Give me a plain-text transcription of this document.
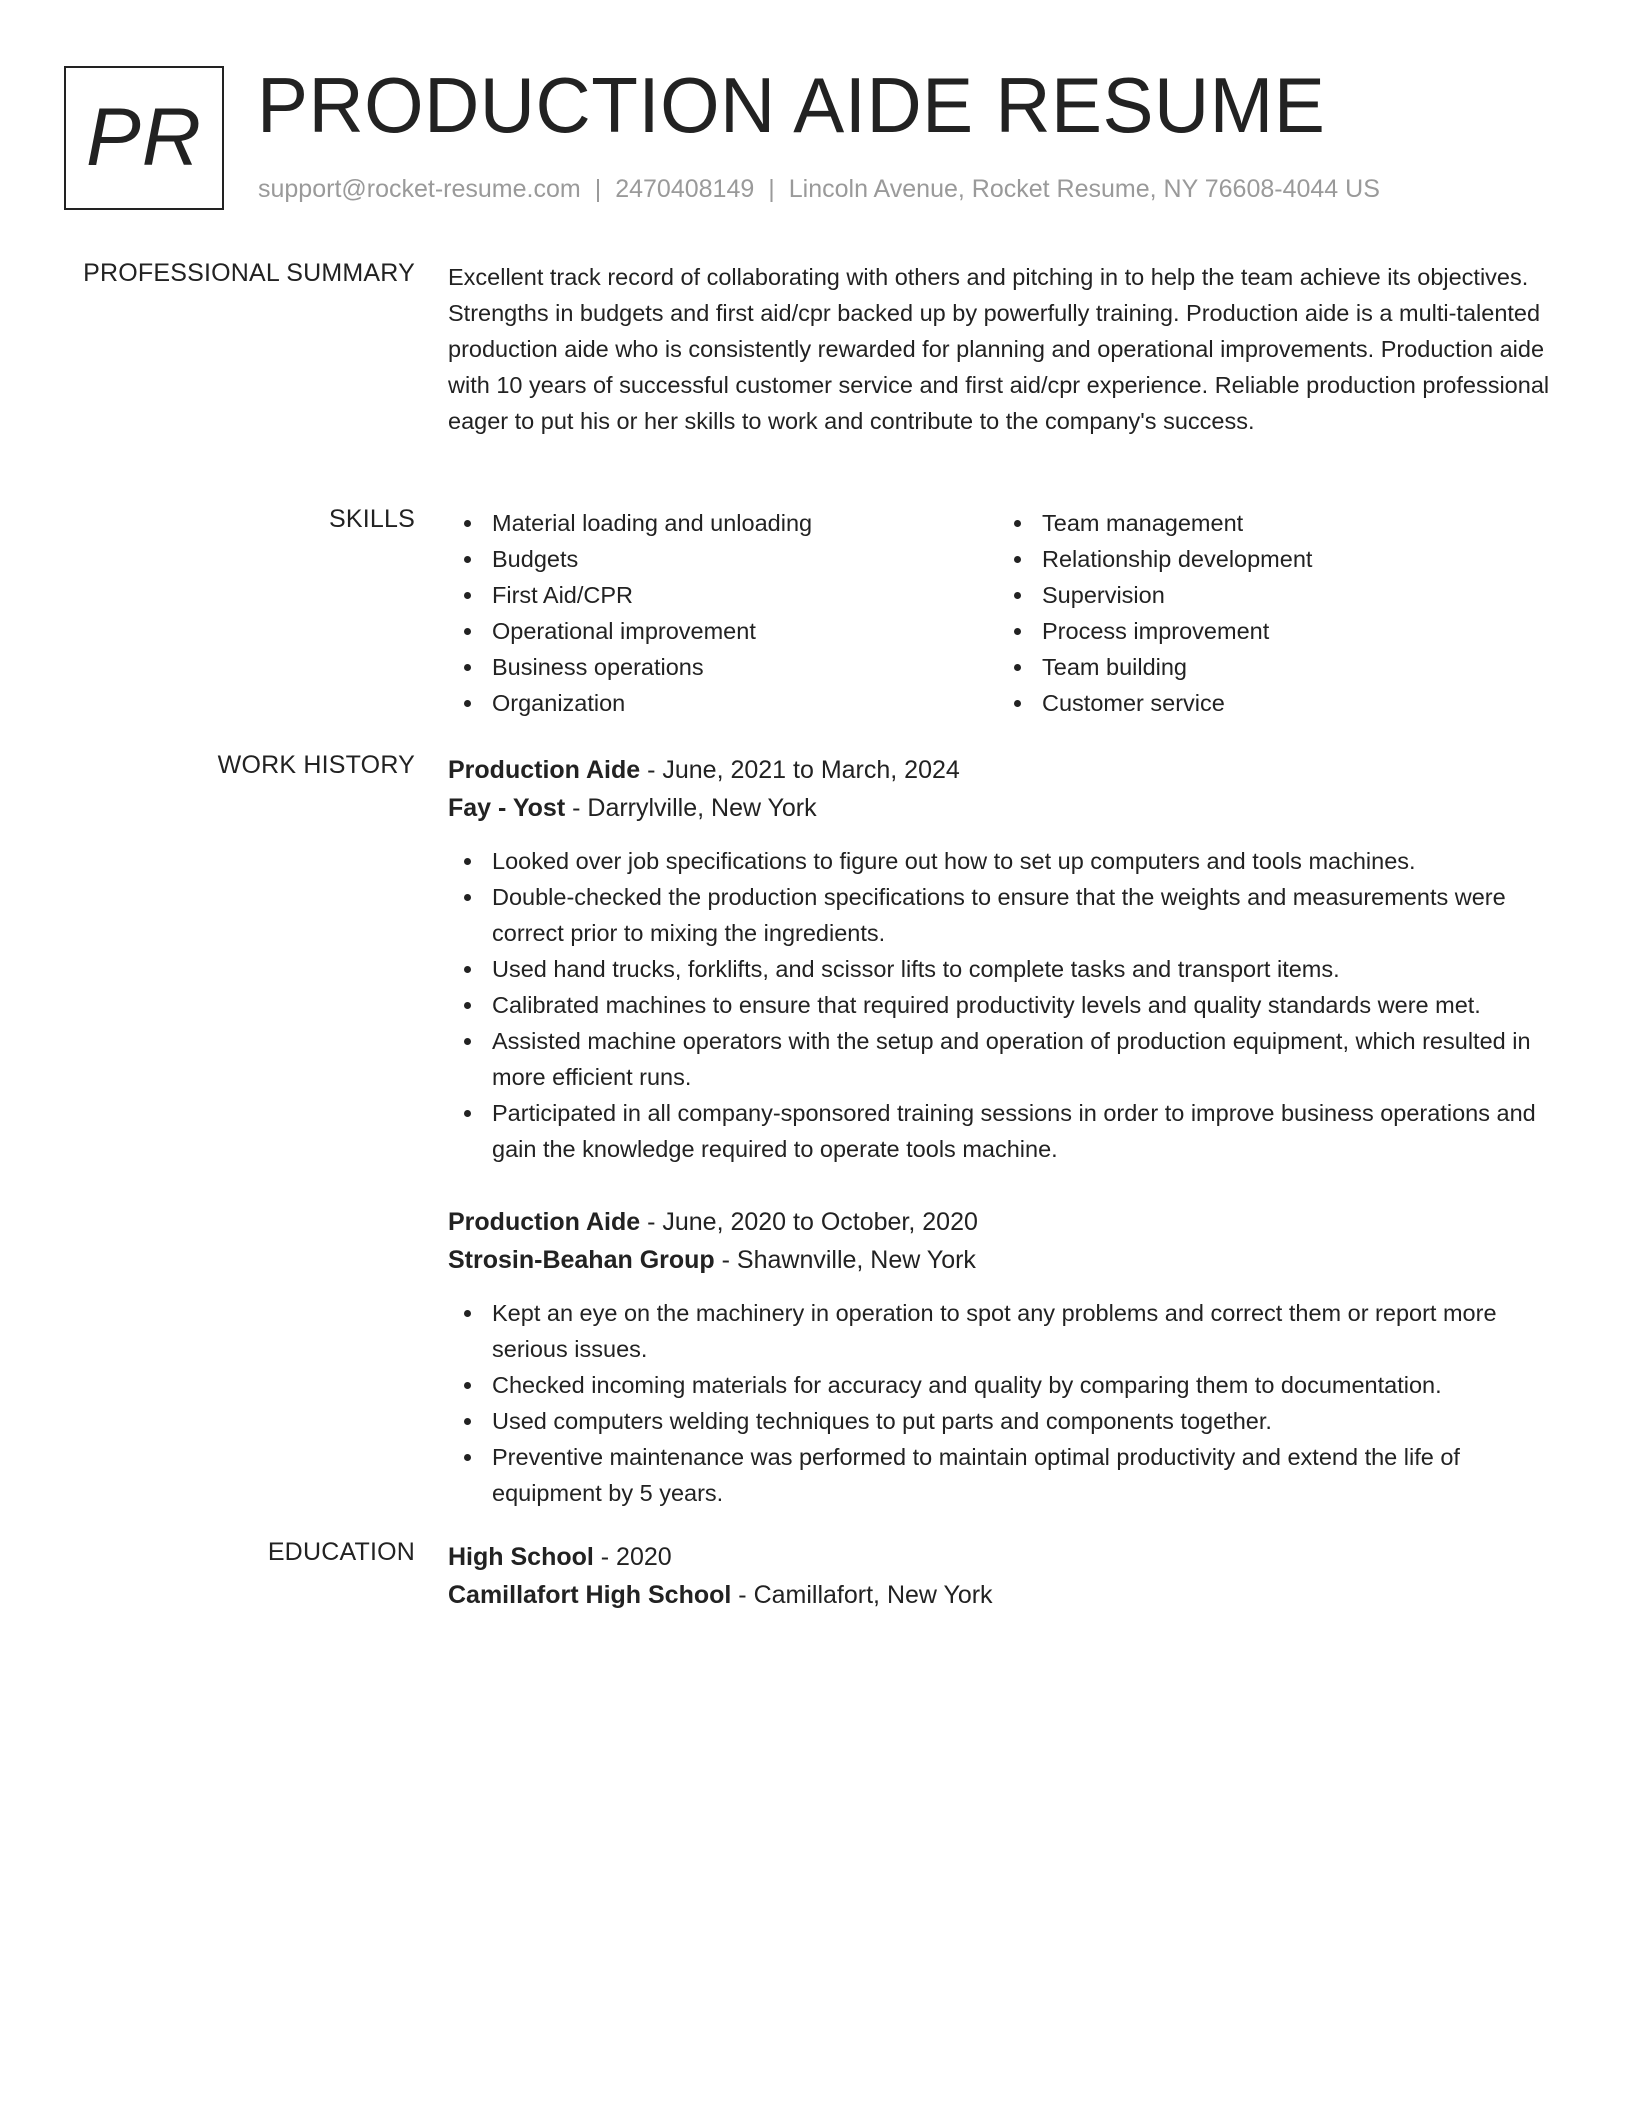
PR PRODUCTION AIDE RESUME
support@rocket-resume.com | 2470408149 | Lincoln Avenue, Rocket Resume, NY 76608-4044 US
PROFESSIONAL SUMMARY Excellent track record of collaborating with others and pitching in to help the team achieve its objectives. Strengths in budgets and first aid/cpr backed up by powerfully training. Production aide is a multi-talented production aide who is consistently rewarded for planning and operational improvements. Production aide with 10 years of successful customer service and first aid/cpr experience. Reliable production professional eager to put his or her skills to work and contribute to the company's success.

SKILLS	Material loading and unloading
Budgets
First Aid/CPR
Operational improvement
Business operations
Organization
Team management
Relationship development
Supervision
Process improvement
Team building
Customer service
WORK HISTORY Production Aide - June, 2021 to March, 2024
Fay - Yost - Darrylville, New York
Looked over job specifications to figure out how to set up computers and tools machines.
Double-checked the production specifications to ensure that the weights and measurements were correct prior to mixing the ingredients.
Used hand trucks, forklifts, and scissor lifts to complete tasks and transport items.
Calibrated machines to ensure that required productivity levels and quality standards were met.
Assisted machine operators with the setup and operation of production equipment, which resulted in more efficient runs.
Participated in all company-sponsored training sessions in order to improve business operations and gain the knowledge required to operate tools machine.
Production Aide - June, 2020 to October, 2020
Strosin-Beahan Group - Shawnville, New York
Kept an eye on the machinery in operation to spot any problems and correct them or report more serious issues.
Checked incoming materials for accuracy and quality by comparing them to documentation.
Used computers welding techniques to put parts and components together.
Preventive maintenance was performed to maintain optimal productivity and extend the life of equipment by 5 years.
EDUCATION High School - 2020
Camillafort High School - Camillafort, New York
